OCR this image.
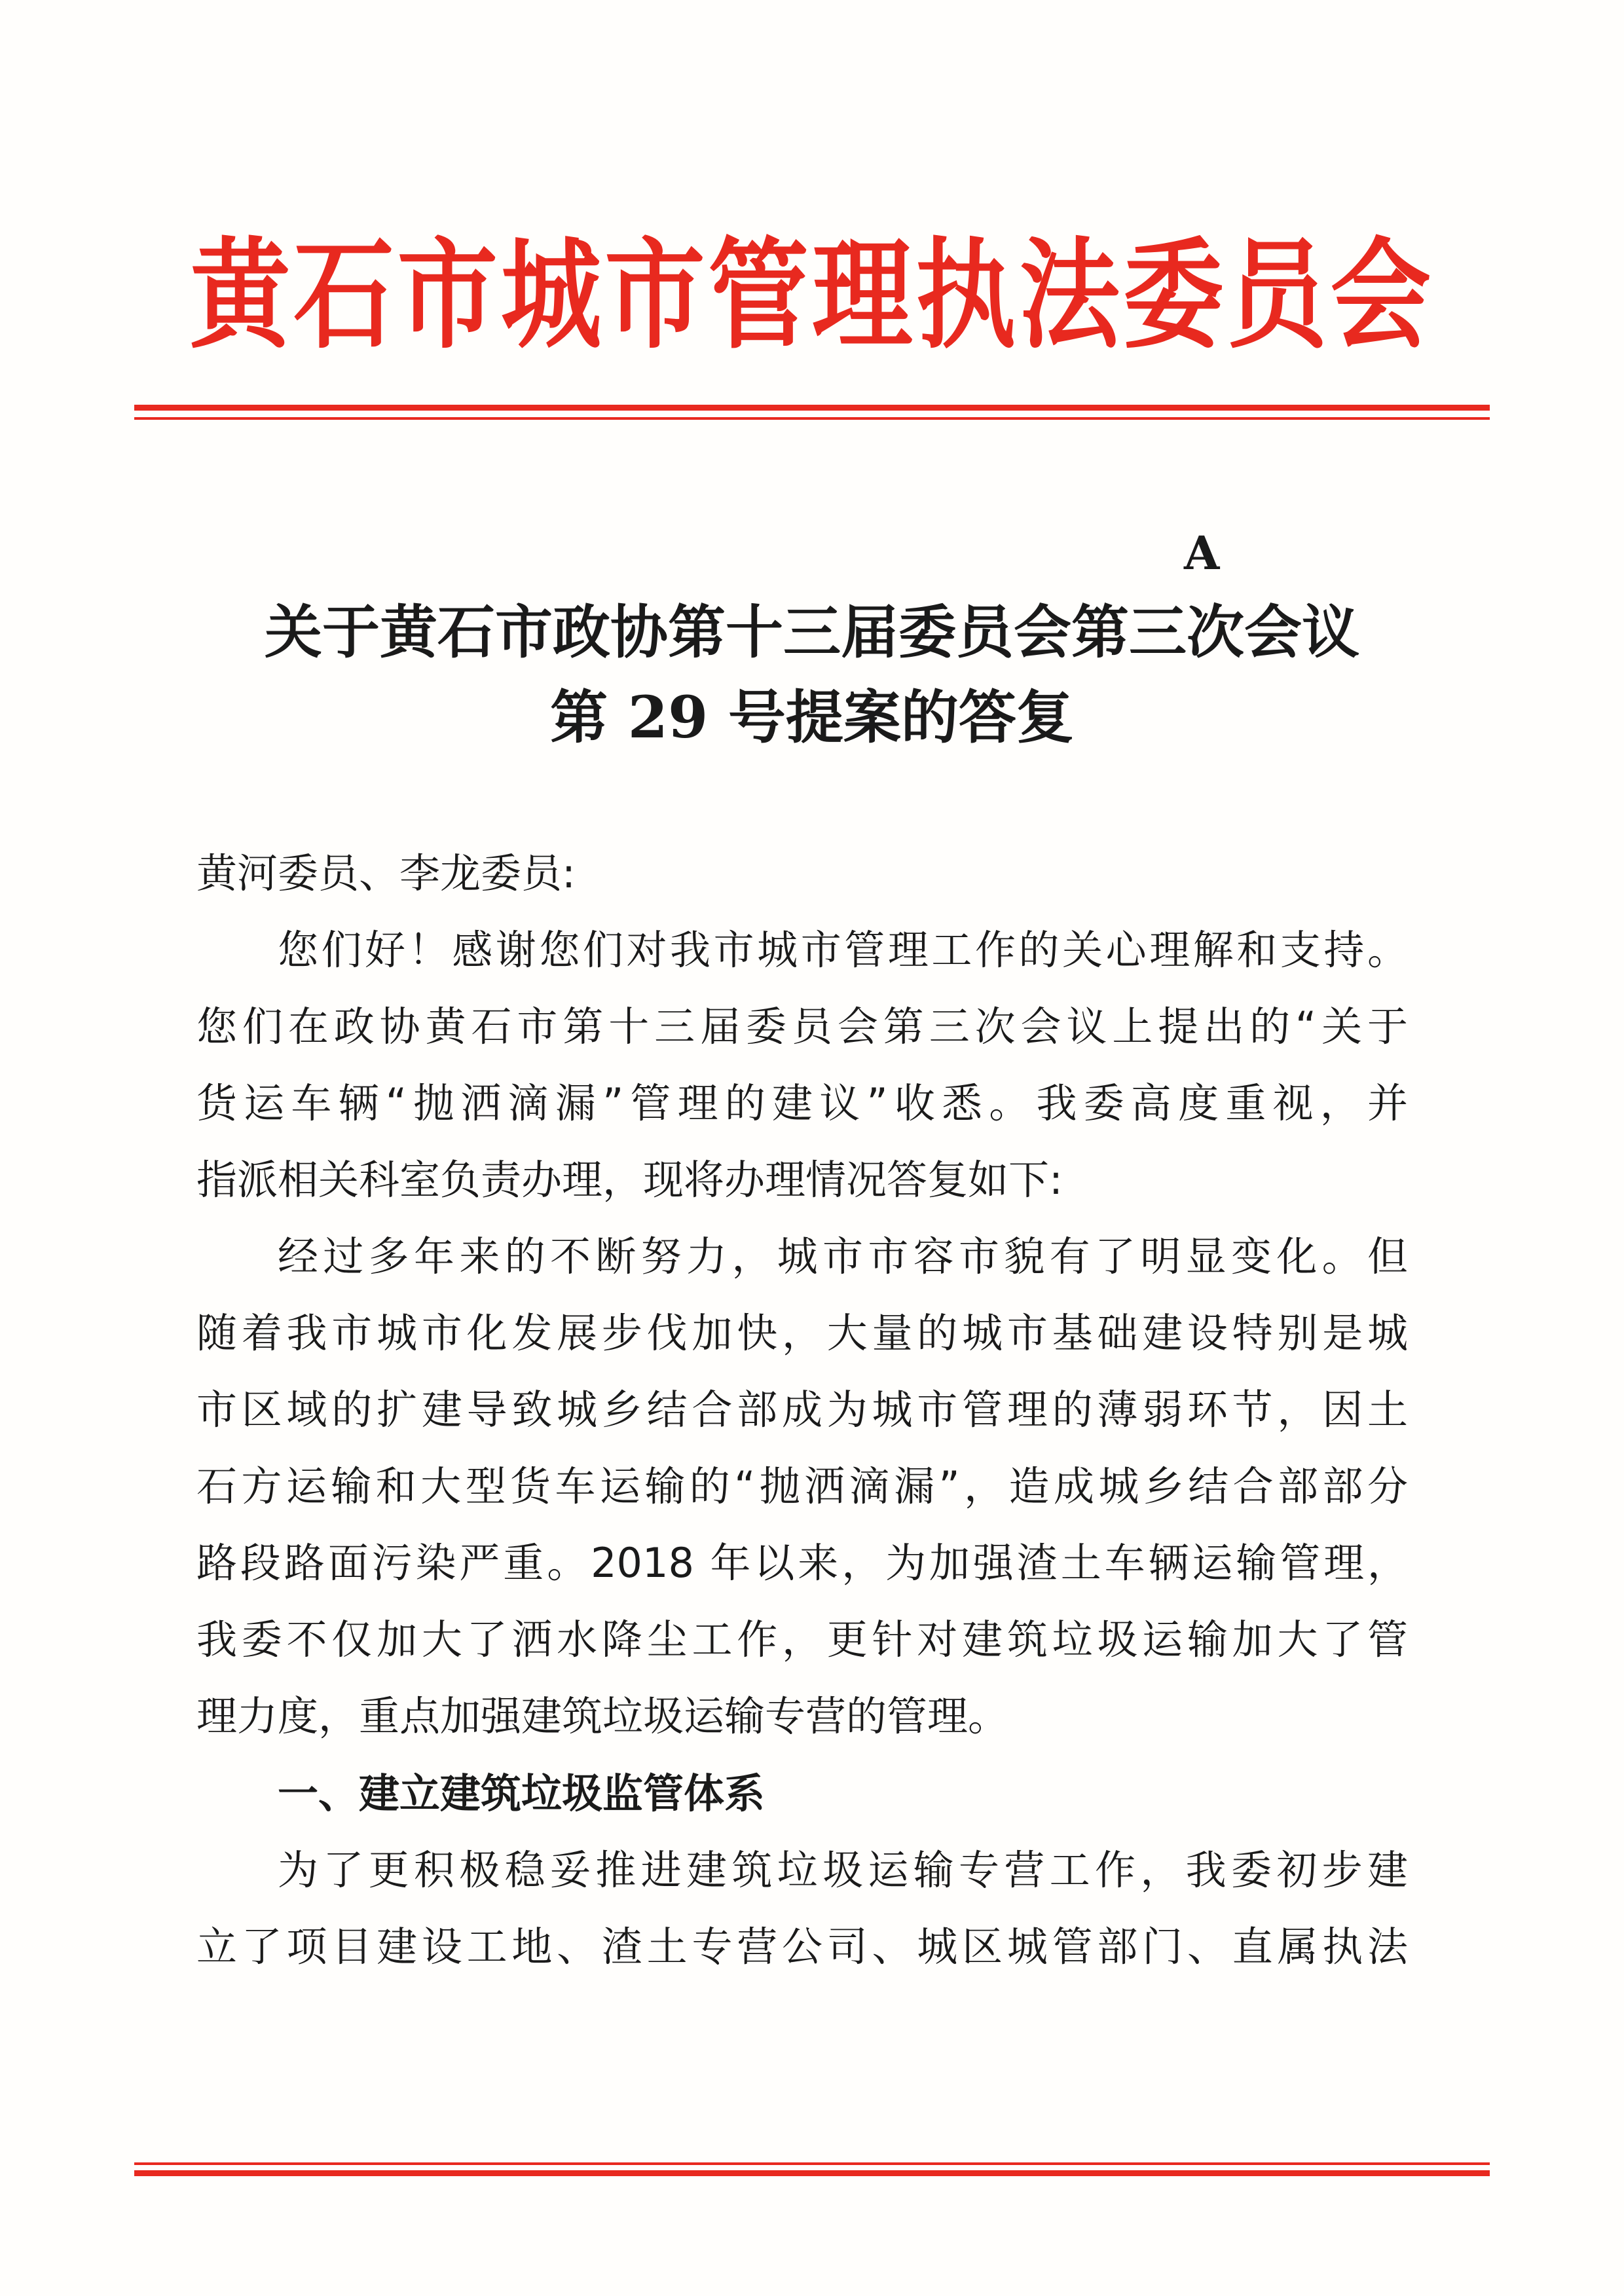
黄石市城市管理执法委员会
A
关于黄石市政协第十三届委员会第三次会议
第 29 号提案的答复
黄河委员、李龙委员:
您们好！感谢您们对我市城市管理工作的关心理解和支持。
您们在政协黄石市第十三届委员会第三次会议上提出的“关于
货运车辆“抛洒滴漏”管理的建议”收悉。我委高度重视，并
指派相关科室负责办理，现将办理情况答复如下:
经过多年来的不断努力，城市市容市貌有了明显变化。但
随着我市城市化发展步伐加快，大量的城市基础建设特别是城
市区域的扩建导致城乡结合部成为城市管理的薄弱环节，因土
石方运输和大型货车运输的“抛洒滴漏”，造成城乡结合部部分
路段路面污染严重。2018 年以来，为加强渣土车辆运输管理，
我委不仅加大了洒水降尘工作，更针对建筑垃圾运输加大了管
理力度，重点加强建筑垃圾运输专营的管理。
一、建立建筑垃圾监管体系
为了更积极稳妥推进建筑垃圾运输专营工作，我委初步建
立了项目建设工地、渣土专营公司、城区城管部门、直属执法
